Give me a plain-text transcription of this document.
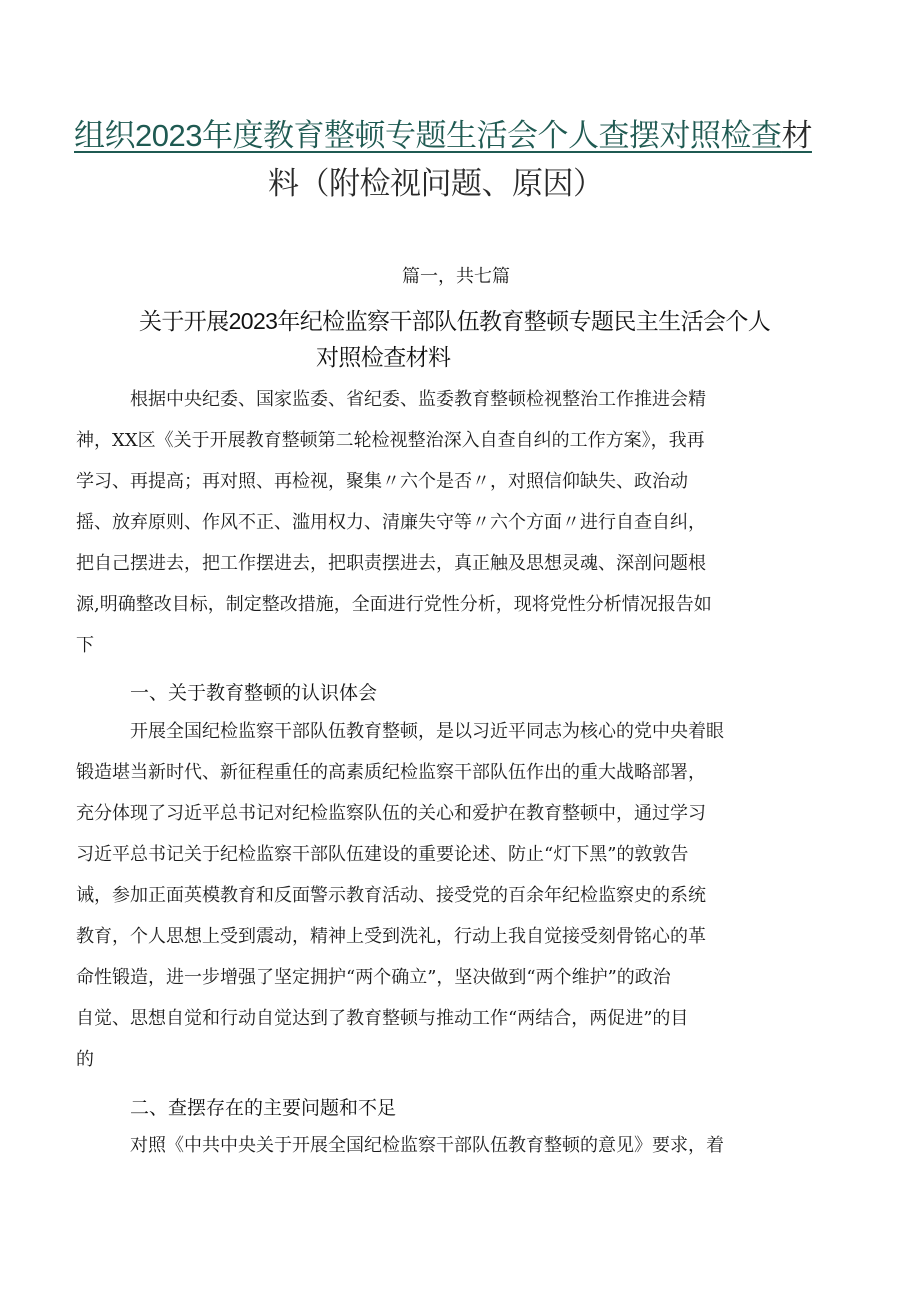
组织2023年度教育整顿专题生活会个人查摆对照检查材
料（附检视问题、原因）
篇一，共七篇
关于开展2023年纪检监察干部队伍教育整顿专题民主生活会个人
对照检查材料
根据中央纪委、国家监委、省纪委、监委教育整顿检视整治工作推进会精
神，XX区《关于开展教育整顿第二轮检视整治深入自查自纠的工作方案》，我再
学习、再提高；再对照、再检视，聚集〃六个是否〃，对照信仰缺失、政治动
摇、放弃原则、作风不正、滥用权力、清廉失守等〃六个方面〃进行自查自纠，
把自己摆进去，把工作摆进去，把职责摆进去，真正触及思想灵魂、深剖问题根
源,明确整改目标，制定整改措施，全面进行党性分析，现将党性分析情况报告如
下
一、关于教育整顿的认识体会
开展全国纪检监察干部队伍教育整顿，是以习近平同志为核心的党中央着眼
锻造堪当新时代、新征程重任的高素质纪检监察干部队伍作出的重大战略部署，
充分体现了习近平总书记对纪检监察队伍的关心和爱护在教育整顿中，通过学习
习近平总书记关于纪检监察干部队伍建设的重要论述、防止“灯下黑”的敦敦告
诫，参加正面英模教育和反面警示教育活动、接受党的百余年纪检监察史的系统
教育，个人思想上受到震动，精神上受到洗礼，行动上我自觉接受刻骨铭心的革
命性锻造，进一步增强了坚定拥护“两个确立”，坚决做到“两个维护”的政治
自觉、思想自觉和行动自觉达到了教育整顿与推动工作“两结合，两促进”的目
的
二、查摆存在的主要问题和不足
对照《中共中央关于开展全国纪检监察干部队伍教育整顿的意见》要求，着
